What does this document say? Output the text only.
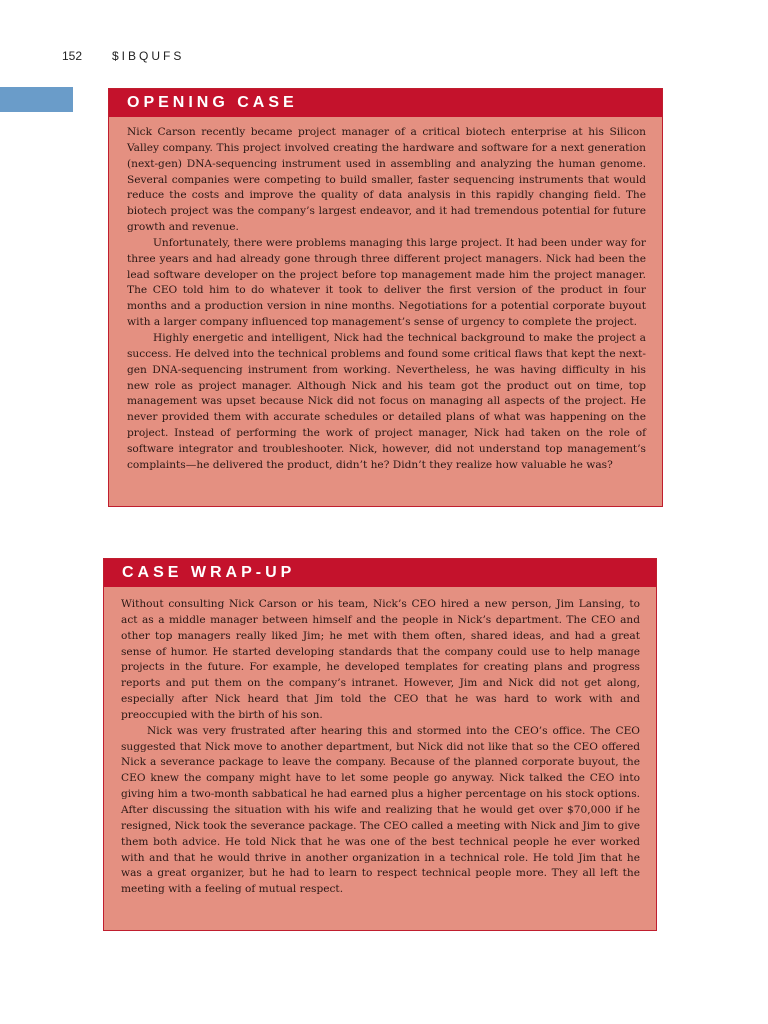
152 $IBQUFS
OPENING CASE

Nick Carson recently became project manager of a critical biotech enterprise at his Silicon Valley company. This project involved creating the hardware and software for a next generation (next-gen) DNA-sequencing instrument used in assembling and analyzing the human genome. Several companies were competing to build smaller, faster sequencing instruments that would reduce the costs and improve the quality of data analysis in this rapidly changing field. The biotech project was the company’s largest endeavor, and it had tremendous potential for future growth and revenue.

Unfortunately, there were problems managing this large project. It had been under way for three years and had already gone through three different project managers. Nick had been the lead software developer on the project before top management made him the project manager. The CEO told him to do whatever it took to deliver the first version of the product in four months and a production version in nine months. Negotiations for a potential corporate buyout with a larger company influenced top management’s sense of urgency to complete the project.

Highly energetic and intelligent, Nick had the technical background to make the project a success. He delved into the technical problems and found some critical flaws that kept the next-gen DNA-sequencing instrument from working. Nevertheless, he was having difficulty in his new role as project manager. Although Nick and his team got the product out on time, top management was upset because Nick did not focus on managing all aspects of the project. He never provided them with accurate schedules or detailed plans of what was happening on the project. Instead of performing the work of project manager, Nick had taken on the role of software integrator and troubleshooter. Nick, however, did not understand top management’s complaints—he delivered the product, didn’t he? Didn’t they realize how valuable he was?

CASE WRAP-UP

Without consulting Nick Carson or his team, Nick’s CEO hired a new person, Jim Lansing, to act as a middle manager between himself and the people in Nick’s department. The CEO and other top managers really liked Jim; he met with them often, shared ideas, and had a great sense of humor. He started developing standards that the company could use to help manage projects in the future. For example, he developed templates for creating plans and progress reports and put them on the company’s intranet. However, Jim and Nick did not get along, especially after Nick heard that Jim told the CEO that he was hard to work with and preoccupied with the birth of his son.

Nick was very frustrated after hearing this and stormed into the CEO’s office. The CEO suggested that Nick move to another department, but Nick did not like that so the CEO offered Nick a severance package to leave the company. Because of the planned corporate buyout, the CEO knew the company might have to let some people go anyway. Nick talked the CEO into giving him a two-month sabbatical he had earned plus a higher percentage on his stock options. After discussing the situation with his wife and realizing that he would get over $70,000 if he resigned, Nick took the severance package. The CEO called a meeting with Nick and Jim to give them both advice. He told Nick that he was one of the best technical people he ever worked with and that he would thrive in another organization in a technical role. He told Jim that he was a great organizer, but he had to learn to respect technical people more. They all left the meeting with a feeling of mutual respect.
